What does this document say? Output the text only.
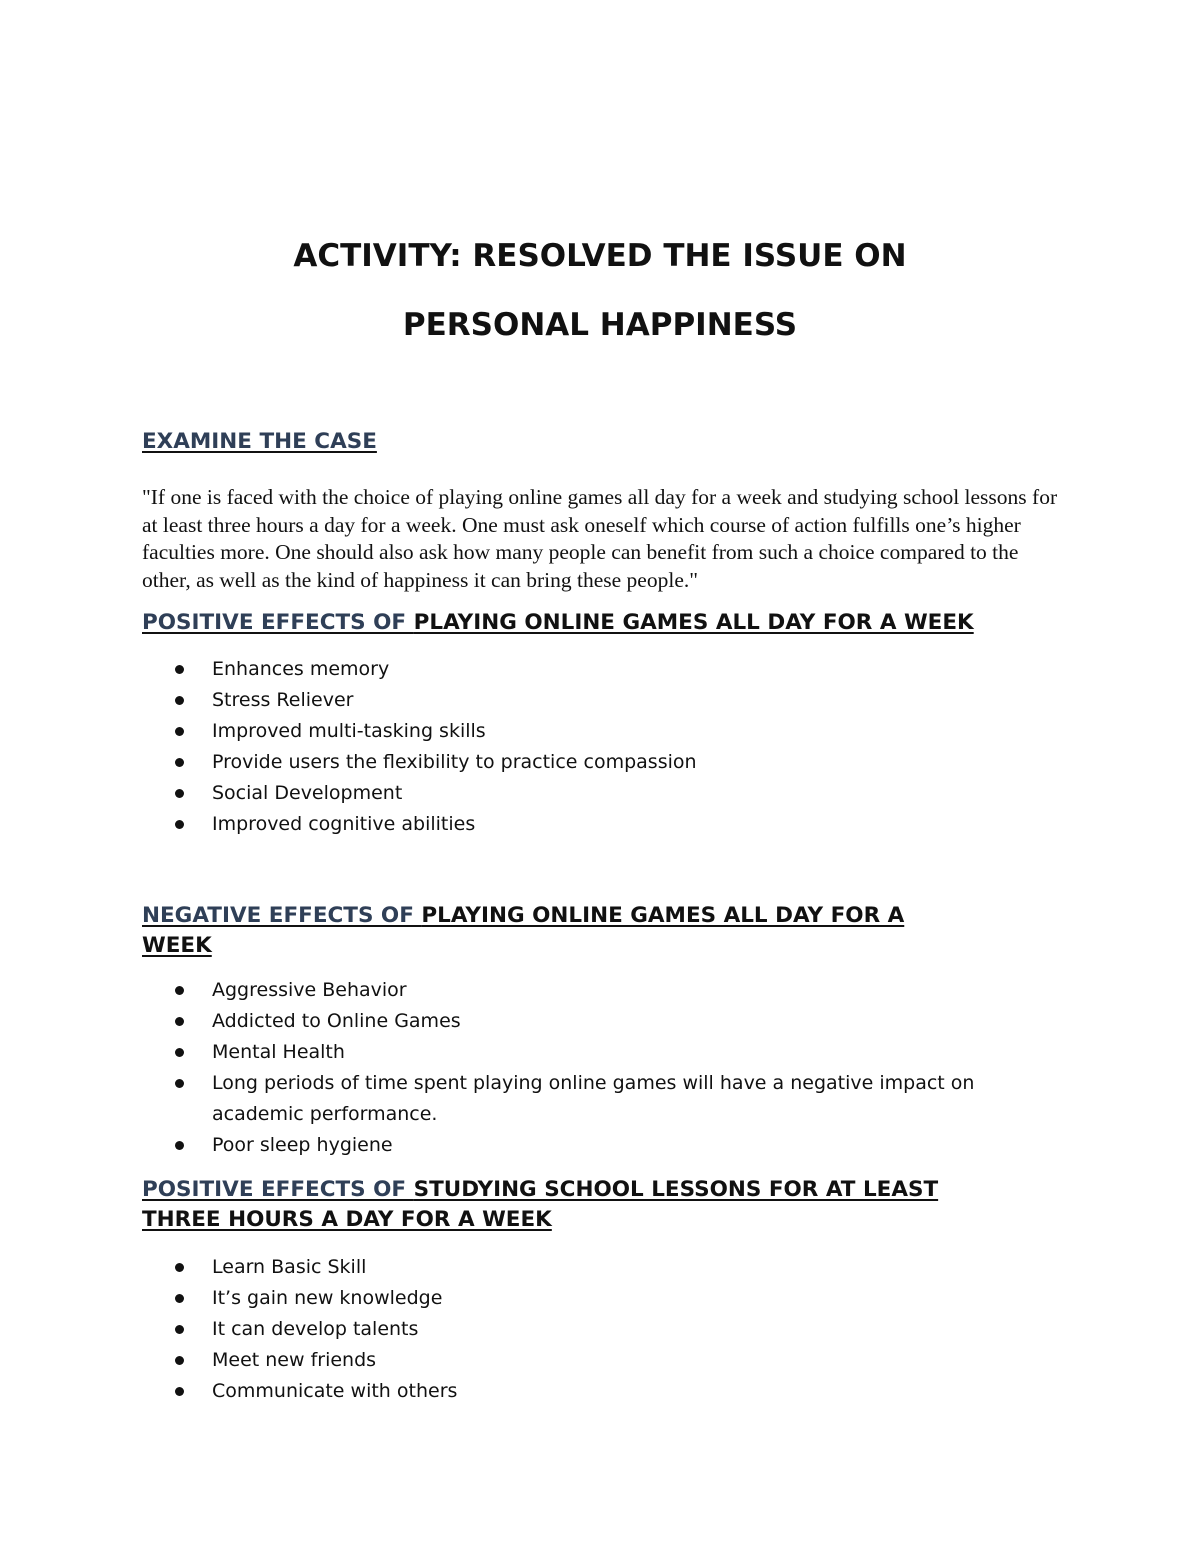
ACTIVITY: RESOLVED THE ISSUE ON
PERSONAL HAPPINESS
EXAMINE THE CASE

"If one is faced with the choice of playing online games all day for a week and studying school lessons for at least three hours a day for a week. One must ask oneself which course of action fulfills one’s higher faculties more. One should also ask how many people can benefit from such a choice compared to the other, as well as the kind of happiness it can bring these people."

POSITIVE EFFECTS OF PLAYING ONLINE GAMES ALL DAY FOR A WEEK
Enhances memory
Stress Reliever
Improved multi-tasking skills
Provide users the flexibility to practice compassion
Social Development
Improved cognitive abilities
NEGATIVE EFFECTS OF PLAYING ONLINE GAMES ALL DAY FOR A
WEEK
Aggressive Behavior
Addicted to Online Games
Mental Health
Long periods of time spent playing online games will have a negative impact on academic performance.
Poor sleep hygiene
POSITIVE EFFECTS OF STUDYING SCHOOL LESSONS FOR AT LEAST
THREE HOURS A DAY FOR A WEEK
Learn Basic Skill
It’s gain new knowledge
It can develop talents
Meet new friends
Communicate with others
